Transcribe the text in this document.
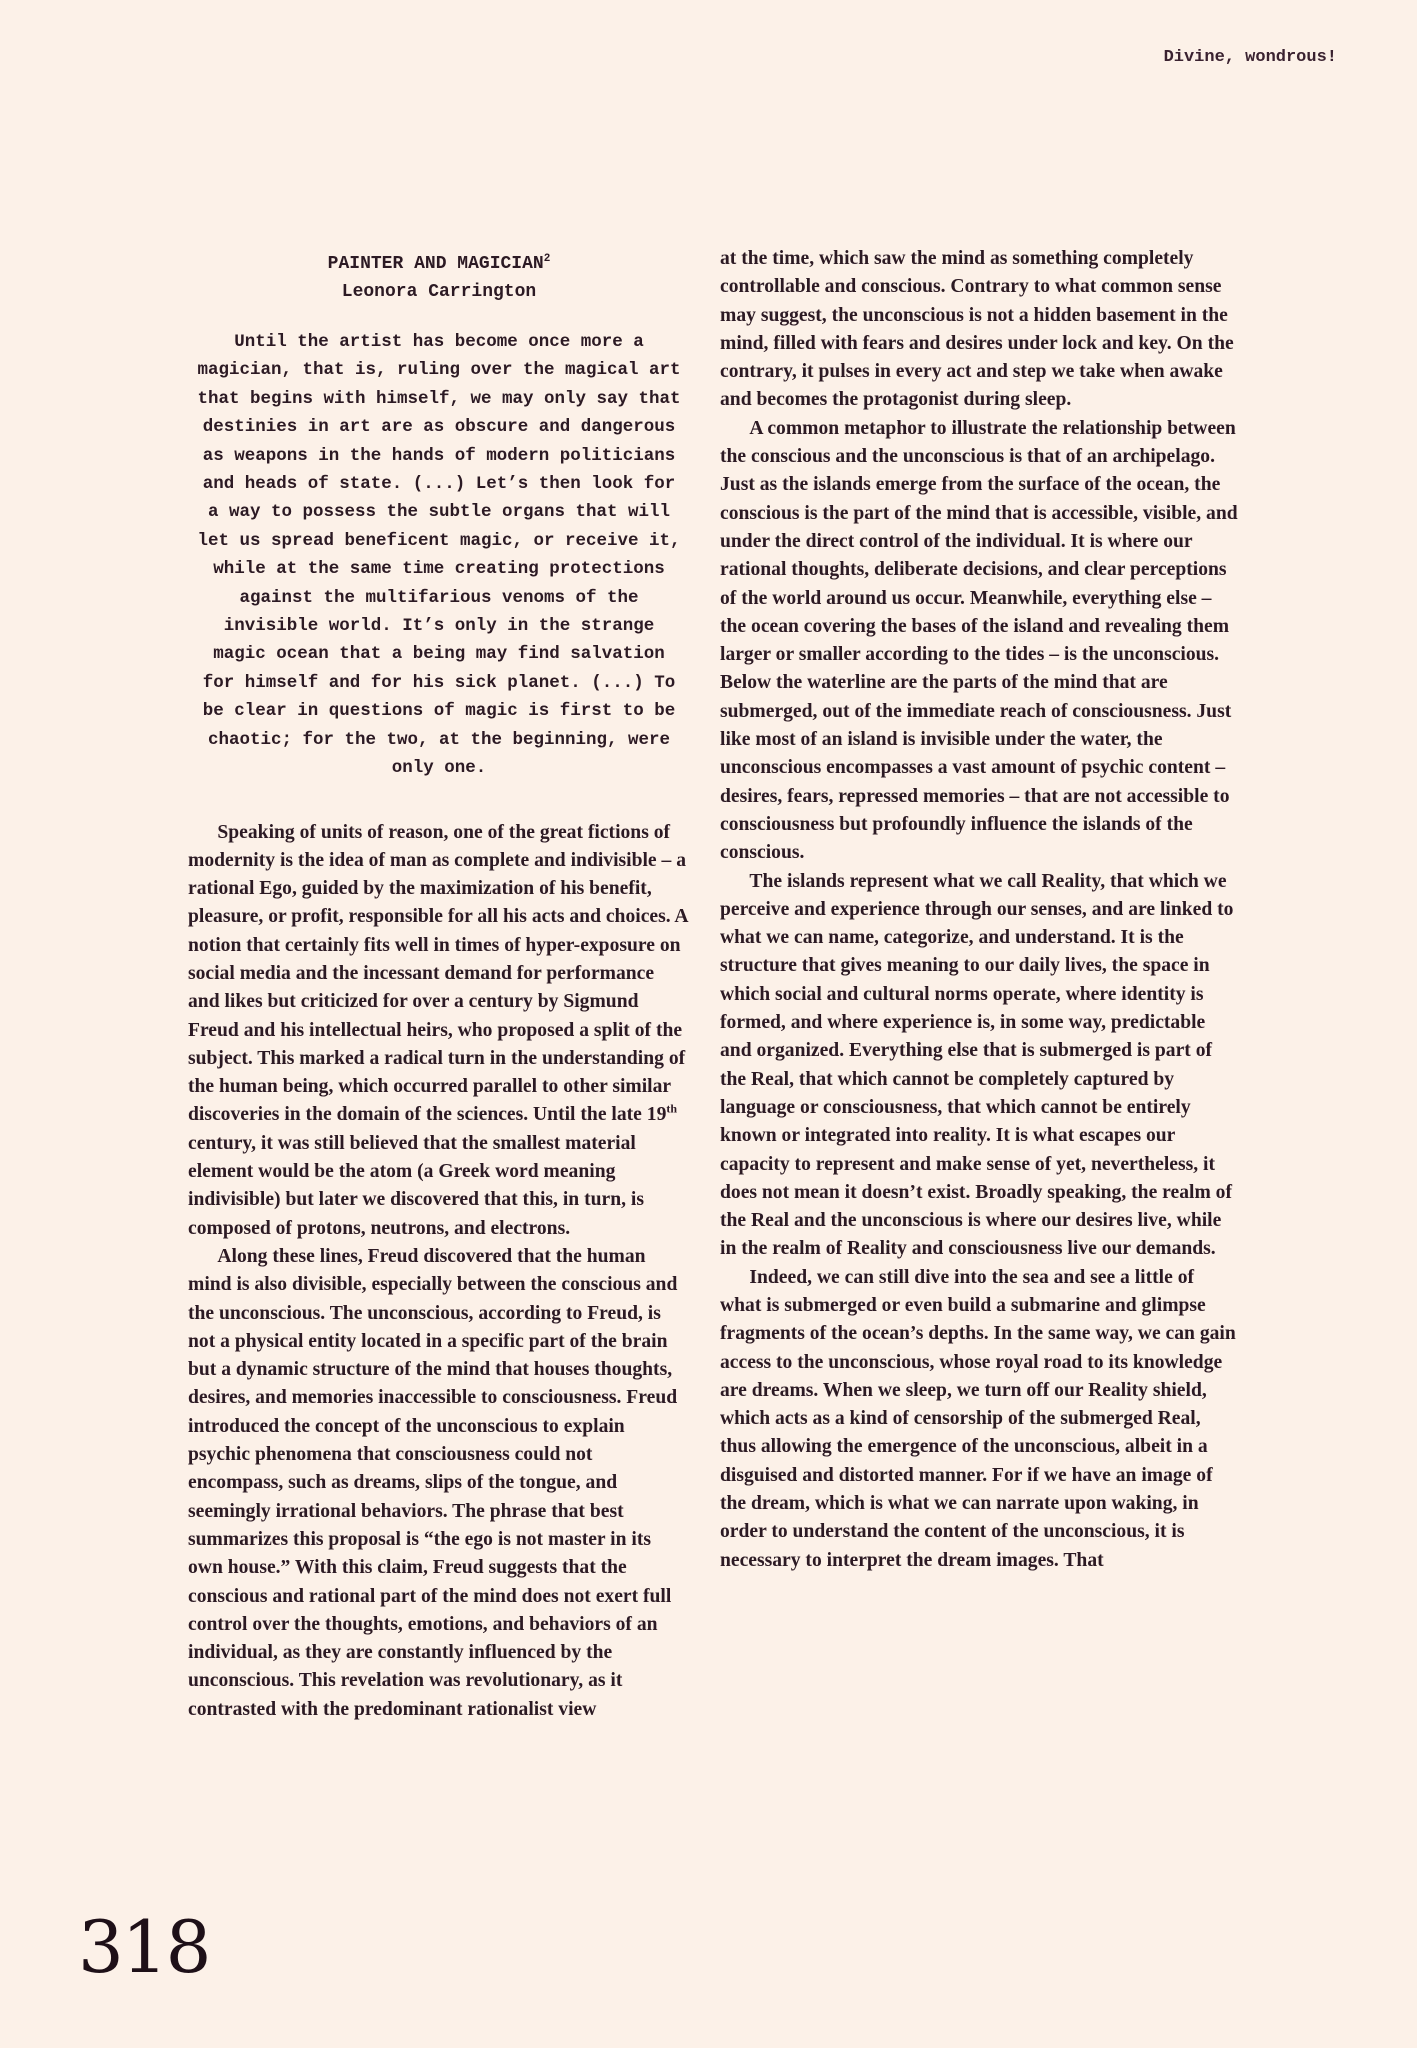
Divine, wondrous!

PAINTER AND MAGICIAN$^2$

Leonora Carrington

Until the artist has become once more a magician, that is, ruling over the magical art that begins with himself, we may only say that destinies in art are as obscure and dangerous as weapons in the hands of modern politicians and heads of state. (...) Let’s then look for a way to possess the subtle organs that will let us spread beneficent magic, or receive it, while at the same time creating protections against the multifarious venoms of the invisible world. It’s only in the strange magic ocean that a being may find salvation for himself and for his sick planet. (...) To be clear in questions of magic is first to be chaotic; for the two, at the beginning, were only one.

Speaking of units of reason, one of the great fictions of modernity is the idea of man as complete and indivisible – a rational Ego, guided by the maximization of his benefit, pleasure, or profit, responsible for all his acts and choices. A notion that certainly fits well in times of hyper-exposure on social media and the incessant demand for performance and likes but criticized for over a century by Sigmund Freud and his intellectual heirs, who proposed a split of the subject. This marked a radical turn in the understanding of the human being, which occurred parallel to other similar discoveries in the domain of the sciences. Until the late 19th century, it was still believed that the smallest material element would be the atom (a Greek word meaning indivisible) but later we discovered that this, in turn, is composed of protons, neutrons, and electrons.

Along these lines, Freud discovered that the human mind is also divisible, especially between the conscious and the unconscious. The unconscious, according to Freud, is not a physical entity located in a specific part of the brain but a dynamic structure of the mind that houses thoughts, desires, and memories inaccessible to consciousness. Freud introduced the concept of the unconscious to explain psychic phenomena that consciousness could not encompass, such as dreams, slips of the tongue, and seemingly irrational behaviors. The phrase that best summarizes this proposal is “the ego is not master in its own house.” With this claim, Freud suggests that the conscious and rational part of the mind does not exert full control over the thoughts, emotions, and behaviors of an individual, as they are constantly influenced by the unconscious. This revelation was revolutionary, as it contrasted with the predominant rationalist view

at the time, which saw the mind as something completely controllable and conscious. Contrary to what common sense may suggest, the unconscious is not a hidden basement in the mind, filled with fears and desires under lock and key. On the contrary, it pulses in every act and step we take when awake and becomes the protagonist during sleep.

A common metaphor to illustrate the relationship between the conscious and the unconscious is that of an archipelago. Just as the islands emerge from the surface of the ocean, the conscious is the part of the mind that is accessible, visible, and under the direct control of the individual. It is where our rational thoughts, deliberate decisions, and clear perceptions of the world around us occur. Meanwhile, everything else – the ocean covering the bases of the island and revealing them larger or smaller according to the tides – is the unconscious. Below the waterline are the parts of the mind that are submerged, out of the immediate reach of consciousness. Just like most of an island is invisible under the water, the unconscious encompasses a vast amount of psychic content – desires, fears, repressed memories – that are not accessible to consciousness but profoundly influence the islands of the conscious.

The islands represent what we call Reality, that which we perceive and experience through our senses, and are linked to what we can name, categorize, and understand. It is the structure that gives meaning to our daily lives, the space in which social and cultural norms operate, where identity is formed, and where experience is, in some way, predictable and organized. Everything else that is submerged is part of the Real, that which cannot be completely captured by language or consciousness, that which cannot be entirely known or integrated into reality. It is what escapes our capacity to represent and make sense of yet, nevertheless, it does not mean it doesn’t exist. Broadly speaking, the realm of the Real and the unconscious is where our desires live, while in the realm of Reality and consciousness live our demands.

Indeed, we can still dive into the sea and see a little of what is submerged or even build a submarine and glimpse fragments of the ocean’s depths. In the same way, we can gain access to the unconscious, whose royal road to its knowledge are dreams. When we sleep, we turn off our Reality shield, which acts as a kind of censorship of the submerged Real, thus allowing the emergence of the unconscious, albeit in a disguised and distorted manner. For if we have an image of the dream, which is what we can narrate upon waking, in order to understand the content of the unconscious, it is necessary to interpret the dream images. That

318
